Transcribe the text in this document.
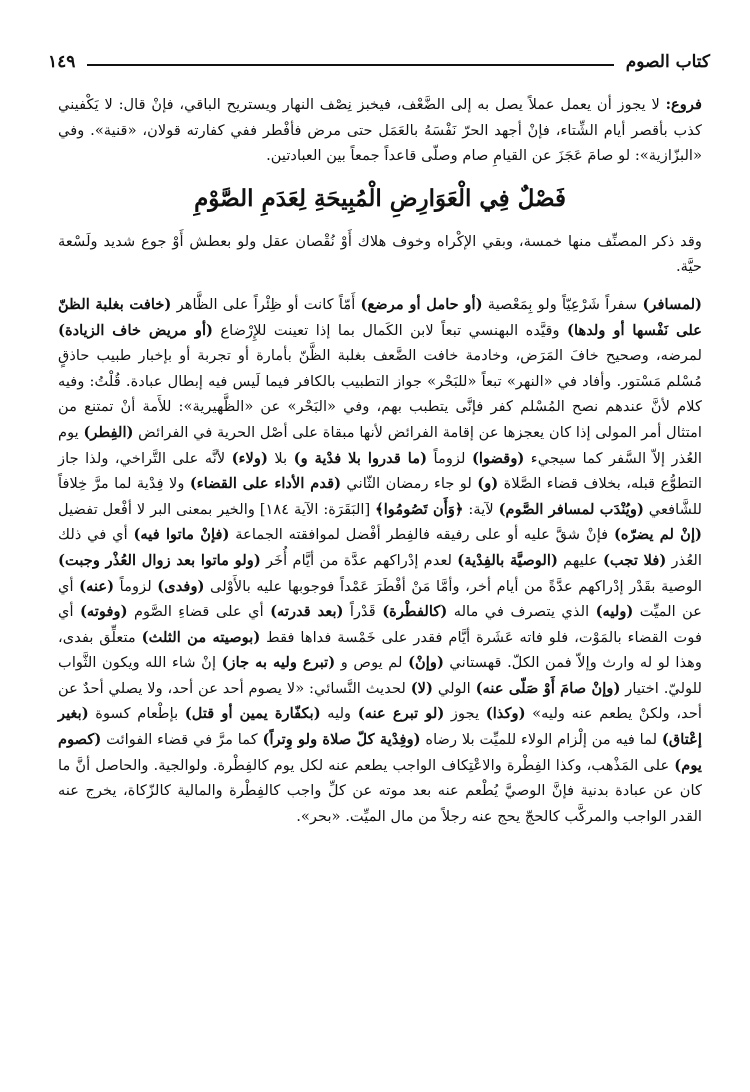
كتاب الصوم
١٤٩

فروع: لا يجوز أن يعمل عملاً يصل به إلى الضَّعْف، فيخبز نِصْف النهار ويستريح الباقي، فإنْ قال: لا يَكْفيني كذب بأقصر أيام الشِّتاء، فإنْ أجهد الحرّ نَفْسَهُ بالعَمَل حتى مرض فأفْطر ففي كفارته قولان، «قنية». وفي «البزّازية»: لو صامَ عَجَزَ عن القيامِ صام وصلّى قاعداً جمعاً بين العبادتين.

فَصْلٌ فِي الْعَوَارِضِ الْمُبِيحَةِ لِعَدَمِ الصَّوْمِ

وقد ذكر المصنِّف منها خمسة، وبقي الإكْراه وخوف هلاك أَوْ نُقْصان عقل ولو بعطش أَوْ جوع شديد ولَسْعة حيَّة.

(لمسافر) سفراً شَرْعِيّاً ولو بِمَعْصية (أو حامل أو مرضع) أَمّاً كانت أو ظِئْراً على الظَّاهر (خافت بغلبة الظنّ على نَفْسها أو ولدها) وقيَّده البهنسي تبعاً لابن الكَمال بما إذا تعينت للإِرْضاع (أو مريض خاف الزيادة) لمرضه، وصحيح خافَ المَرَض، وخادمة خافت الضَّعف بغلبة الظَّنّ بأمارة أو تجربة أو بإخبار طبيب حاذقٍ مُسْلم مَسْتور. وأفاد في «النهر» تبعاً «للبَحْر» جواز التطبيب بالكافر فيما لَيس فيه إبطال عبادة. قُلْتُ: وفيه كلام لأنَّ عندهم نصح المُسْلم كفر فإنَّى يتطبب بهم، وفي «البَحْر» عن «الظَّهيرية»: للأَمة أنْ تمتنع من امتثال أمر المولى إذا كان يعجزها عن إقامة الفرائض لأنها مبقاة على أصْل الحرية في الفرائض (الفِطر) يوم العُذر إلاّ السَّفر كما سيجيء (وقضوا) لزوماً (ما قدروا بلا فدْية و) بلا (ولاء) لأنَّه على التَّراخي، ولذا جاز التطوُّع قبله، بخلاف قضاء الصَّلاة (و) لو جاء رمضان الثّاني (قدم الأداء على القضاء) ولا فِدْية لما مرَّ خِلافاً للشَّافعي (ويُنْدَب لمسافر الصَّوم) لآية: ﴿وَأَن تَصُومُوا﴾ [البَقَرَة: الآية ١٨٤] والخير بمعنى البر لا أفْعل تفضيل (إنْ لم يضرّه) فإنْ شقَّ عليه أو على رفيقه فالفِطر أفْضل لموافقته الجماعة (فإنْ ماتوا فيه) أي في ذلك العُذر (فلا تجب) عليهم (الوصيَّة بالفِدْية) لعدم إدْراكهم عدَّة من أيَّام أُخَر (ولو ماتوا بعد زوال العُذْر وجبت) الوصية بقَدْر إدْراكهم عدَّةً من أيام أخر، وأمَّا مَنْ أفْطَرَ عَمْداً فوجوبها عليه بالأَوْلى (وفدى) لزوماً (عنه) أي عن الميِّت (وليه) الذي يتصرف في ماله (كالفطْرة) قَدْراً (بعد قدرته) أي على قضاءِ الصَّوم (وفوته) أي فوت القضاء بالمَوْت، فلو فاته عَشَرة أيَّام فقدر على خَمْسة فداها فقط (بوصيته من الثلث) متعلِّق بفدى، وهذا لو له وارث وإلاّ فمن الكلّ. قهستاني (وإنْ) لم يوص و (تبرع وليه به جاز) إنْ شاء الله ويكون الثَّواب للوليّ. اختيار (وإنْ صامَ أَوْ صَلّى عنه) الولي (لا) لحديث النَّسائي: «لا يصوم أحد عن أحد، ولا يصلي أحدٌ عن أحد، ولكنْ يطعم عنه وليه» (وكذا) يجوز (لو تبرع عنه) وليه (بكفّارة يمين أو قتل) بإطْعام كسوة (بغير إعْتاق) لما فيه من إلْزام الولاء للميِّت بلا رضاه (وفِدْية كلّ صلاة ولو وِتراً) كما مرَّ في قضاء الفوائت (كصوم يوم) على المَذْهب، وكذا الفِطْرة والاعْتِكاف الواجب يطعم عنه لكل يوم كالفِطْرة. ولوالجية. والحاصل أنَّ ما كان عن عبادة بدنية فإنَّ الوصيَّ يُطْعم عنه بعد موته عن كلِّ واجب كالفِطْرة والمالية كالزّكاة، يخرج عنه القدر الواجب والمركَّب كالحجّ يحج عنه رجلاً من مال الميِّت. «بحر».
